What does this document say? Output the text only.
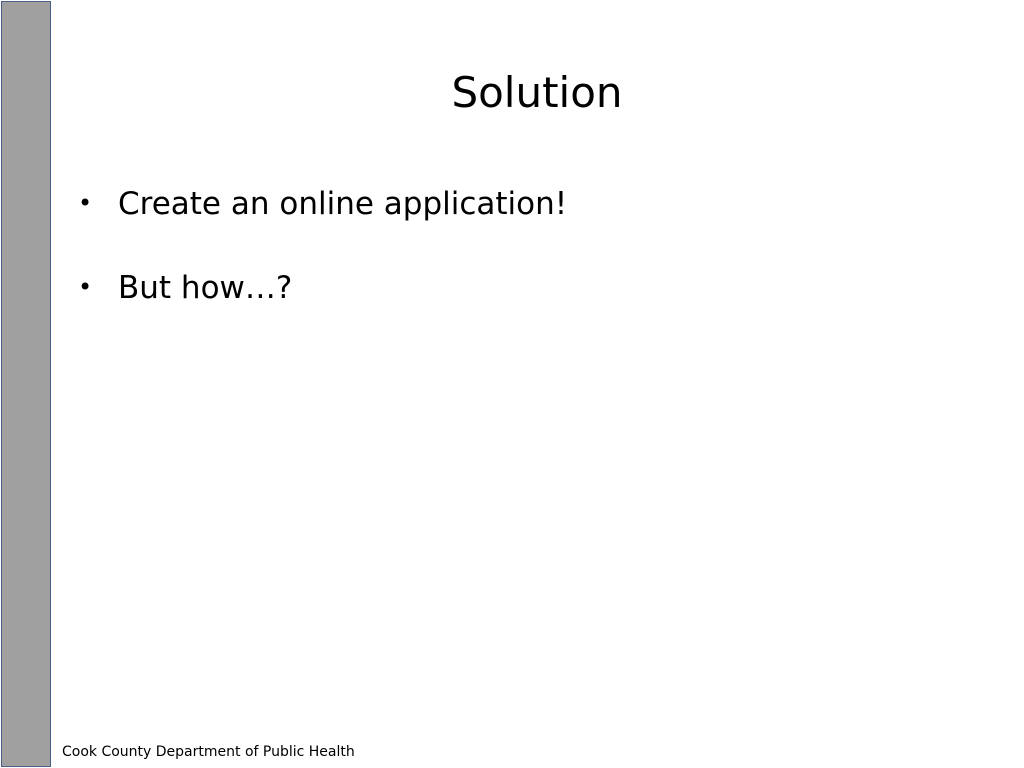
Solution
• Create an online application!
• But how…?
Cook County Department of Public Health
